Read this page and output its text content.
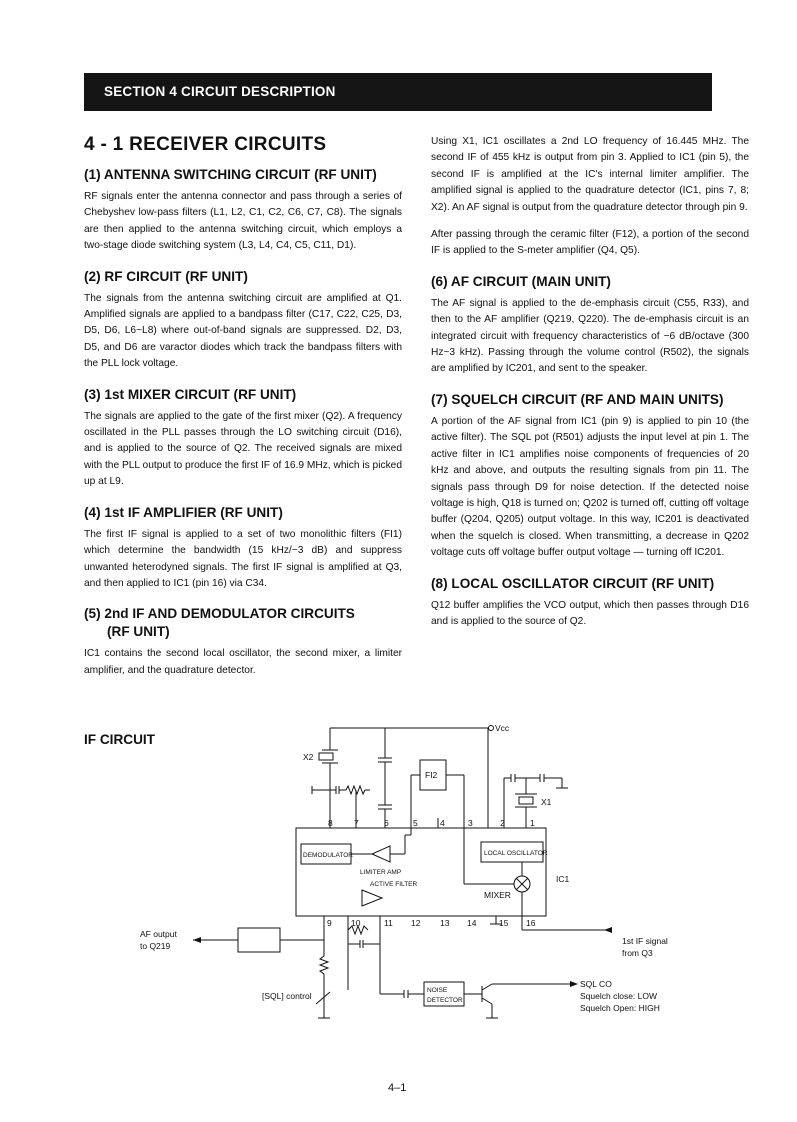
SECTION 4 CIRCUIT DESCRIPTION
4 - 1 RECEIVER CIRCUITS
(1) ANTENNA SWITCHING CIRCUIT (RF UNIT)

RF signals enter the antenna connector and pass through a series of Chebyshev low-pass filters (L1, L2, C1, C2, C6, C7, C8). The signals are then applied to the antenna switching circuit, which employs a two-stage diode switching system (L3, L4, C4, C5, C11, D1).

(2) RF CIRCUIT (RF UNIT)

The signals from the antenna switching circuit are amplified at Q1. Amplified signals are applied to a bandpass filter (C17, C22, C25, D3, D5, D6, L6~L8) where out-of-band signals are suppressed. D2, D3, D5, and D6 are varactor diodes which track the bandpass filters with the PLL lock voltage.

(3) 1st MIXER CIRCUIT (RF UNIT)

The signals are applied to the gate of the first mixer (Q2). A frequency oscillated in the PLL passes through the LO switching circuit (D16), and is applied to the source of Q2. The received signals are mixed with the PLL output to produce the first IF of 16.9 MHz, which is picked up at L9.

(4) 1st IF AMPLIFIER (RF UNIT)

The first IF signal is applied to a set of two monolithic filters (FI1) which determine the bandwidth (15 kHz/−3 dB) and suppress unwanted heterodyned signals. The first IF signal is amplified at Q3, and then applied to IC1 (pin 16) via C34.

(5) 2nd IF AND DEMODULATOR CIRCUITS
(RF UNIT)

IC1 contains the second local oscillator, the second mixer, a limiter amplifier, and the quadrature detector.

Using X1, IC1 oscillates a 2nd LO frequency of 16.445 MHz. The second IF of 455 kHz is output from pin 3. Applied to IC1 (pin 5), the second IF is amplified at the IC's internal limiter amplifier. The amplified signal is applied to the quadrature detector (IC1, pins 7, 8; X2). An AF signal is output from the quadrature detector through pin 9.

After passing through the ceramic filter (F12), a portion of the second IF is applied to the S-meter amplifier (Q4, Q5).

(6) AF CIRCUIT (MAIN UNIT)

The AF signal is applied to the de-emphasis circuit (C55, R33), and then to the AF amplifier (Q219, Q220). The de-emphasis circuit is an integrated circuit with frequency characteristics of −6 dB/octave (300 Hz~3 kHz). Passing through the volume control (R502), the signals are amplified by IC201, and sent to the speaker.

(7) SQUELCH CIRCUIT (RF AND MAIN UNITS)

A portion of the AF signal from IC1 (pin 9) is applied to pin 10 (the active filter). The SQL pot (R501) adjusts the input level at pin 1. The active filter in IC1 amplifies noise components of frequencies of 20 kHz and above, and outputs the resulting signals from pin 11. The signals pass through D9 for noise detection. If the detected noise voltage is high, Q18 is turned on; Q202 is turned off, cutting off voltage buffer (Q204, Q205) output voltage. In this way, IC201 is deactivated when the squelch is closed. When transmitting, a decrease in Q202 voltage cuts off voltage buffer output voltage — turning off IC201.

(8) LOCAL OSCILLATOR CIRCUIT (RF UNIT)

Q12 buffer amplifies the VCO output, which then passes through D16 and is applied to the source of Q2.

IF CIRCUIT
Vcc
X2
X1
FI2
IC1
MIXER
AF output
to Q219	1st IF signal
from Q3
[SQL] control
SQL CO
Squelch close: LOW
Squelch Open: HIGH
DEMODULATOR	LOCAL OSCILLATOR
LIMITER AMP
ACTIVE FILTER
NOISE
DETECTOR
8	7	6	5	4	3	2	1
9 10	11 12 13 14	15 16
4–1
